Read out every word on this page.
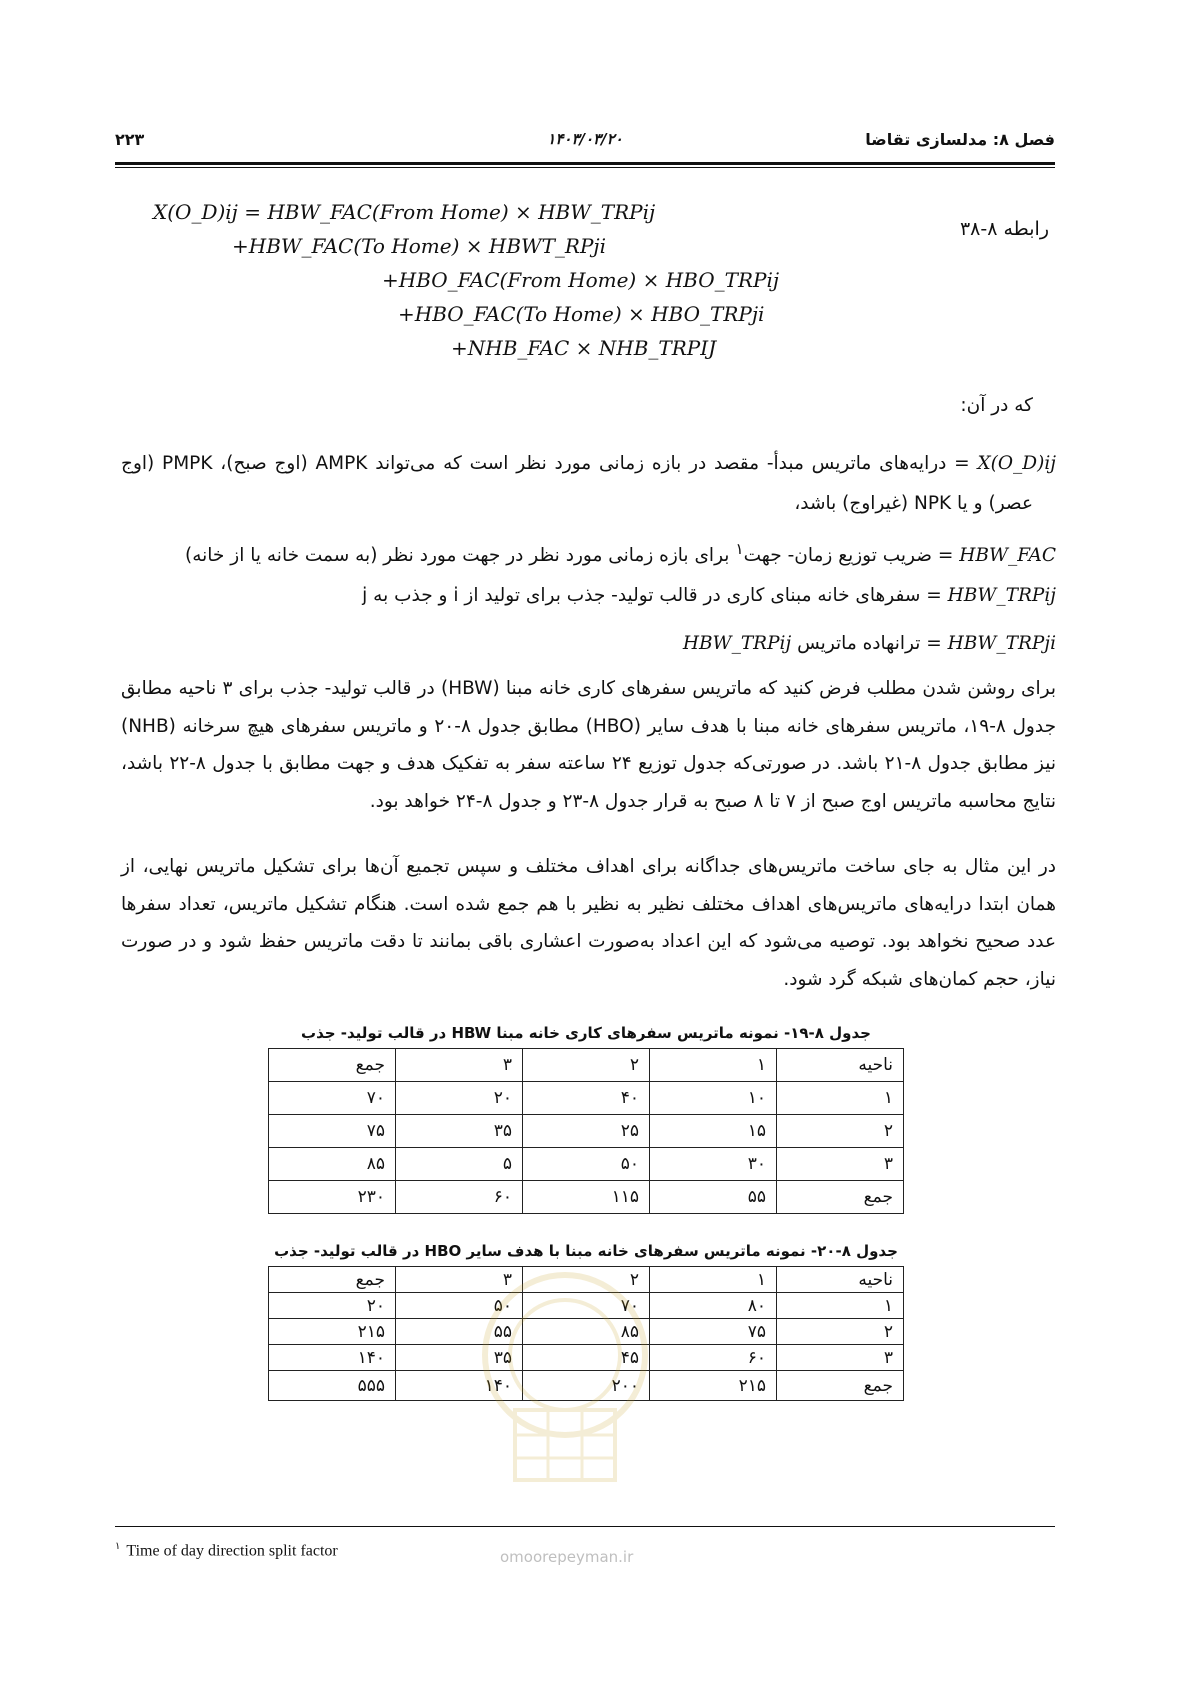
فصل ۸: مدلسازی تقاضا
۱۴۰۳/۰۳/۲۰
۲۲۳
X(O_D)ij = HBW_FAC(From Home) × HBW_TRPij
+HBW_FAC(To Home) × HBWT_RPji
+HBO_FAC(From Home) × HBO_TRPij
+HBO_FAC(To Home) × HBO_TRPji
+NHB_FAC × NHB_TRPIJ
رابطه ۸-۳۸
که در آن:
X(O_D)ij = درایه‌های ماتریس مبدأ- مقصد در بازه زمانی مورد نظر است که می‌تواند AMPK (اوج صبح)، PMPK (اوج
عصر) و یا NPK (غیراوج) باشد،
HBW_FAC = ضریب توزیع زمان- جهت$^۱$ برای بازه زمانی مورد نظر در جهت مورد نظر (به سمت خانه یا از خانه)
HBW_TRPij = سفرهای خانه مبنای کاری در قالب تولید- جذب برای تولید از i و جذب به j
HBW_TRPji = ترانهاده ماتریس HBW_TRPij
برای روشن شدن مطلب فرض کنید که ماتریس سفرهای کاری خانه مبنا (HBW) در قالب تولید- جذب برای ۳ ناحیه مطابق جدول ۸-۱۹، ماتریس سفرهای خانه مبنا با هدف سایر (HBO) مطابق جدول ۸-۲۰ و ماتریس سفرهای هیچ سرخانه (NHB) نیز مطابق جدول ۸-۲۱ باشد. در صورتی‌که جدول توزیع ۲۴ ساعته سفر به تفکیک هدف و جهت مطابق با جدول ۸-۲۲ باشد، نتایج محاسبه ماتریس اوج صبح از ۷ تا ۸ صبح به قرار جدول ۸-۲۳ و جدول ۸-۲۴ خواهد بود.
در این مثال به جای ساخت ماتریس‌های جداگانه برای اهداف مختلف و سپس تجمیع آن‌ها برای تشکیل ماتریس نهایی، از همان ابتدا درایه‌های ماتریس‌های اهداف مختلف نظیر به نظیر با هم جمع شده است. هنگام تشکیل ماتریس، تعداد سفرها عدد صحیح نخواهد بود. توصیه می‌شود که این اعداد به‌صورت اعشاری باقی بمانند تا دقت ماتریس حفظ شود و در صورت نیاز، حجم کمان‌های شبکه گرد شود.
جدول ۸-۱۹- نمونه ماتریس سفرهای کاری خانه مبنا HBW در قالب تولید- جذب
ناحیه	۱	۲	۳	جمع
۱	۱۰	۴۰	۲۰	۷۰
۲	۱۵	۲۵	۳۵	۷۵
۳	۳۰	۵۰	۵	۸۵
جمع	۵۵	۱۱۵	۶۰	۲۳۰
جدول ۸-۲۰- نمونه ماتریس سفرهای خانه مبنا با هدف سایر HBO در قالب تولید- جذب
ناحیه	۱	۲	۳	جمع
۱	۸۰	۷۰	۵۰	۲۰
۲	۷۵	۸۵	۵۵	۲۱۵
۳	۶۰	۴۵	۳۵	۱۴۰
جمع	۲۱۵	۲۰۰	۱۴۰	۵۵۵
$^۱$ Time of day direction split factor	omoorepeyman.ir
